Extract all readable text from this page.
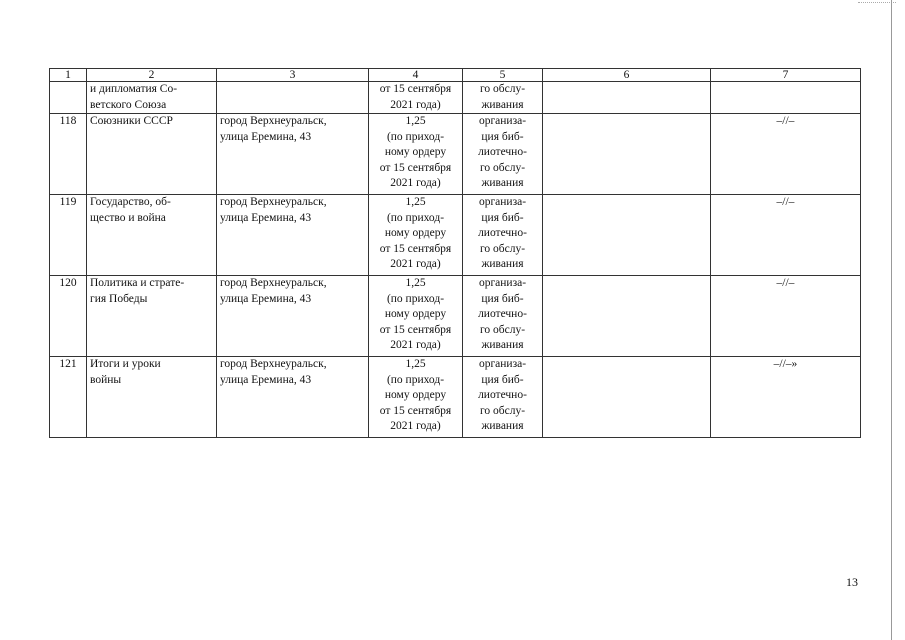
1	2	3	4	5	6	7
	и дипломатия Со-
ветского Союза		от 15 сентября
2021 года)	го обслу-
живания		
118	Союзники СССР	город Верхнеуральск,
улица Еремина, 43	1,25
(по приход-
ному ордеру
от 15 сентября
2021 года)	организа-
ция биб-
лиотечно-
го обслу-
живания		–//–
119	Государство, об-
щество и война	город Верхнеуральск,
улица Еремина, 43	1,25
(по приход-
ному ордеру
от 15 сентября
2021 года)	организа-
ция биб-
лиотечно-
го обслу-
живания		–//–
120	Политика и страте-
гия Победы	город Верхнеуральск,
улица Еремина, 43	1,25
(по приход-
ному ордеру
от 15 сентября
2021 года)	организа-
ция биб-
лиотечно-
го обслу-
живания		–//–
121	Итоги и уроки
войны	город Верхнеуральск,
улица Еремина, 43	1,25
(по приход-
ному ордеру
от 15 сентября
2021 года)	организа-
ция биб-
лиотечно-
го обслу-
живания		–//–»
13
